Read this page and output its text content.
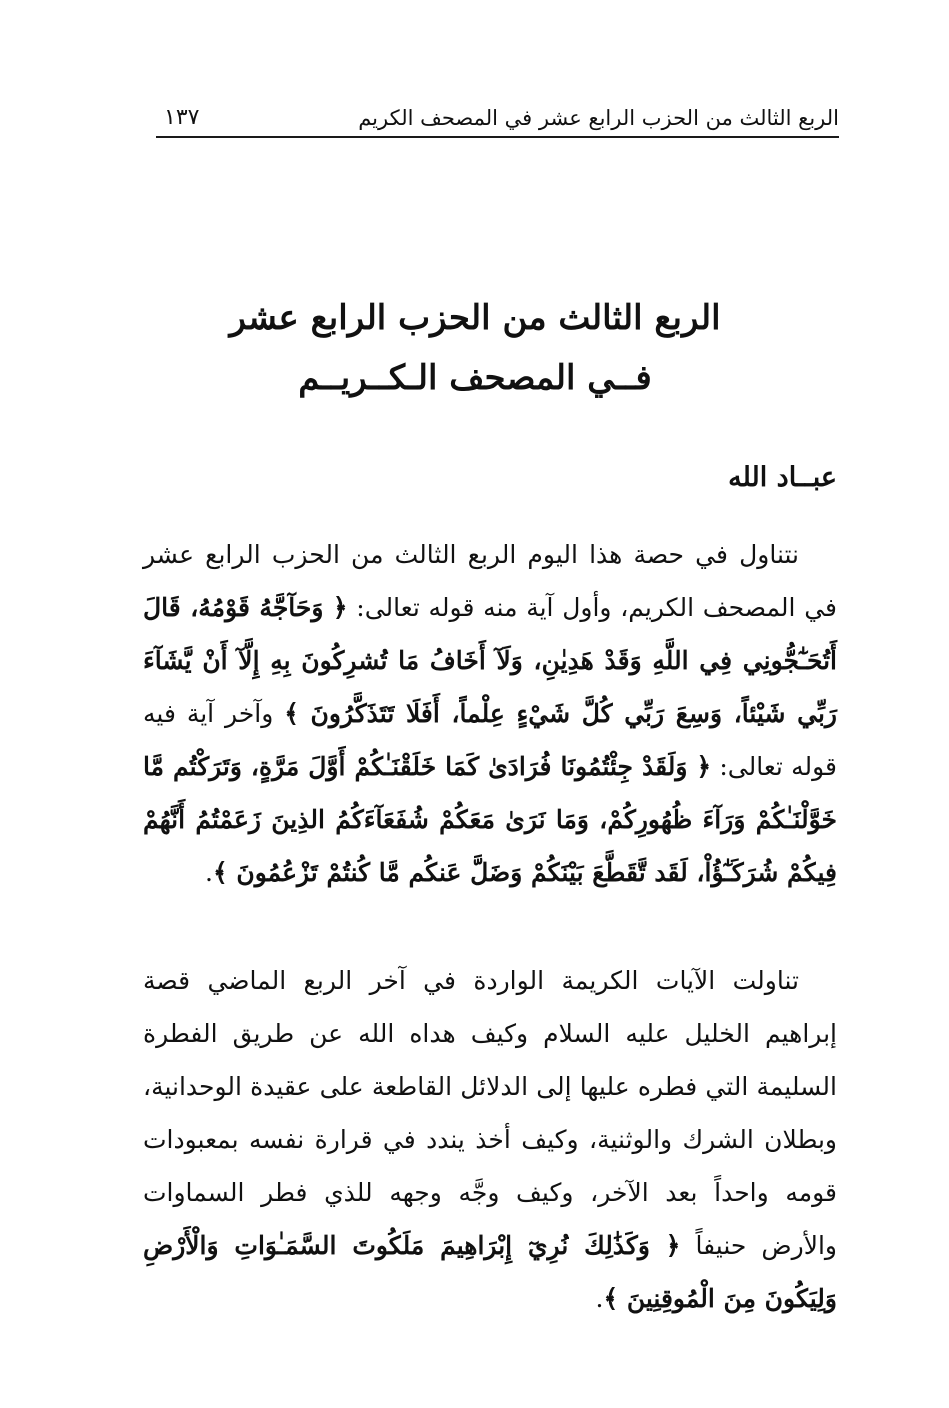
الربع الثالث من الحزب الرابع عشر في المصحف الكريم
١٣٧
الربع الثالث من الحزب الرابع عشر
فــي المصحف الـكــريــم
عبــاد الله

نتناول في حصة هذا اليوم الربع الثالث من الحزب الرابع عشر في المصحف الكريم، وأول آية منه قوله تعالى: ﴿ وَحَآجَّهُ قَوْمُهُ، قَالَ أَتُحَـٰٓجُّونِي فِي اللَّهِ وَقَدْ هَدِيٰنِ، وَلَآ أَخَافُ مَا تُشرِكُونَ بِهِ إِلَّآ أَنْ يَّشَآءَ رَبِّي شَيْئاً، وَسِعَ رَبِّي كُلَّ شَيْءٍ عِلْماً، أَفَلَا تَتَذَكَّرُونَ ﴾ وآخر آية فيه قوله تعالى: ﴿ وَلَقَدْ جِئْتُمُونَا فُرَادَىٰ كَمَا خَلَقْنَـٰكُمْ أَوَّلَ مَرَّةٍ، وَتَرَكْتُم مَّا خَوَّلْنَـٰكُمْ وَرَآءَ ظُهُورِكُمْ، وَمَا نَرَىٰ مَعَكُمْ شُفَعَآءَكُمُ الذِينَ زَعَمْتُمُ أَنَّهُمْ فِيكُمْ شُرَكَـٰٓؤُاْ، لَقَد تَّقَطَّعَ بَيْنَكُمْ وَضَلَّ عَنكُم مَّا كُنتُمْ تَزْعُمُونَ ﴾.

تناولت الآيات الكريمة الواردة في آخر الربع الماضي قصة إبراهيم الخليل عليه السلام وكيف هداه الله عن طريق الفطرة السليمة التي فطره عليها إلى الدلائل القاطعة على عقيدة الوحدانية، وبطلان الشرك والوثنية، وكيف أخذ يندد في قرارة نفسه بمعبودات قومه واحداً بعد الآخر، وكيف وجَّه وجهه للذي فطر السماوات والأرض حنيفاً ﴿ وَكَذَٰلِكَ نُرِيٓ إِبْرَاهِيمَ مَلَكُوتَ السَّمَـٰوَاتِ وَالْأَرْضِ وَلِيَكُونَ مِنَ الْمُوقِنِينَ ﴾.
